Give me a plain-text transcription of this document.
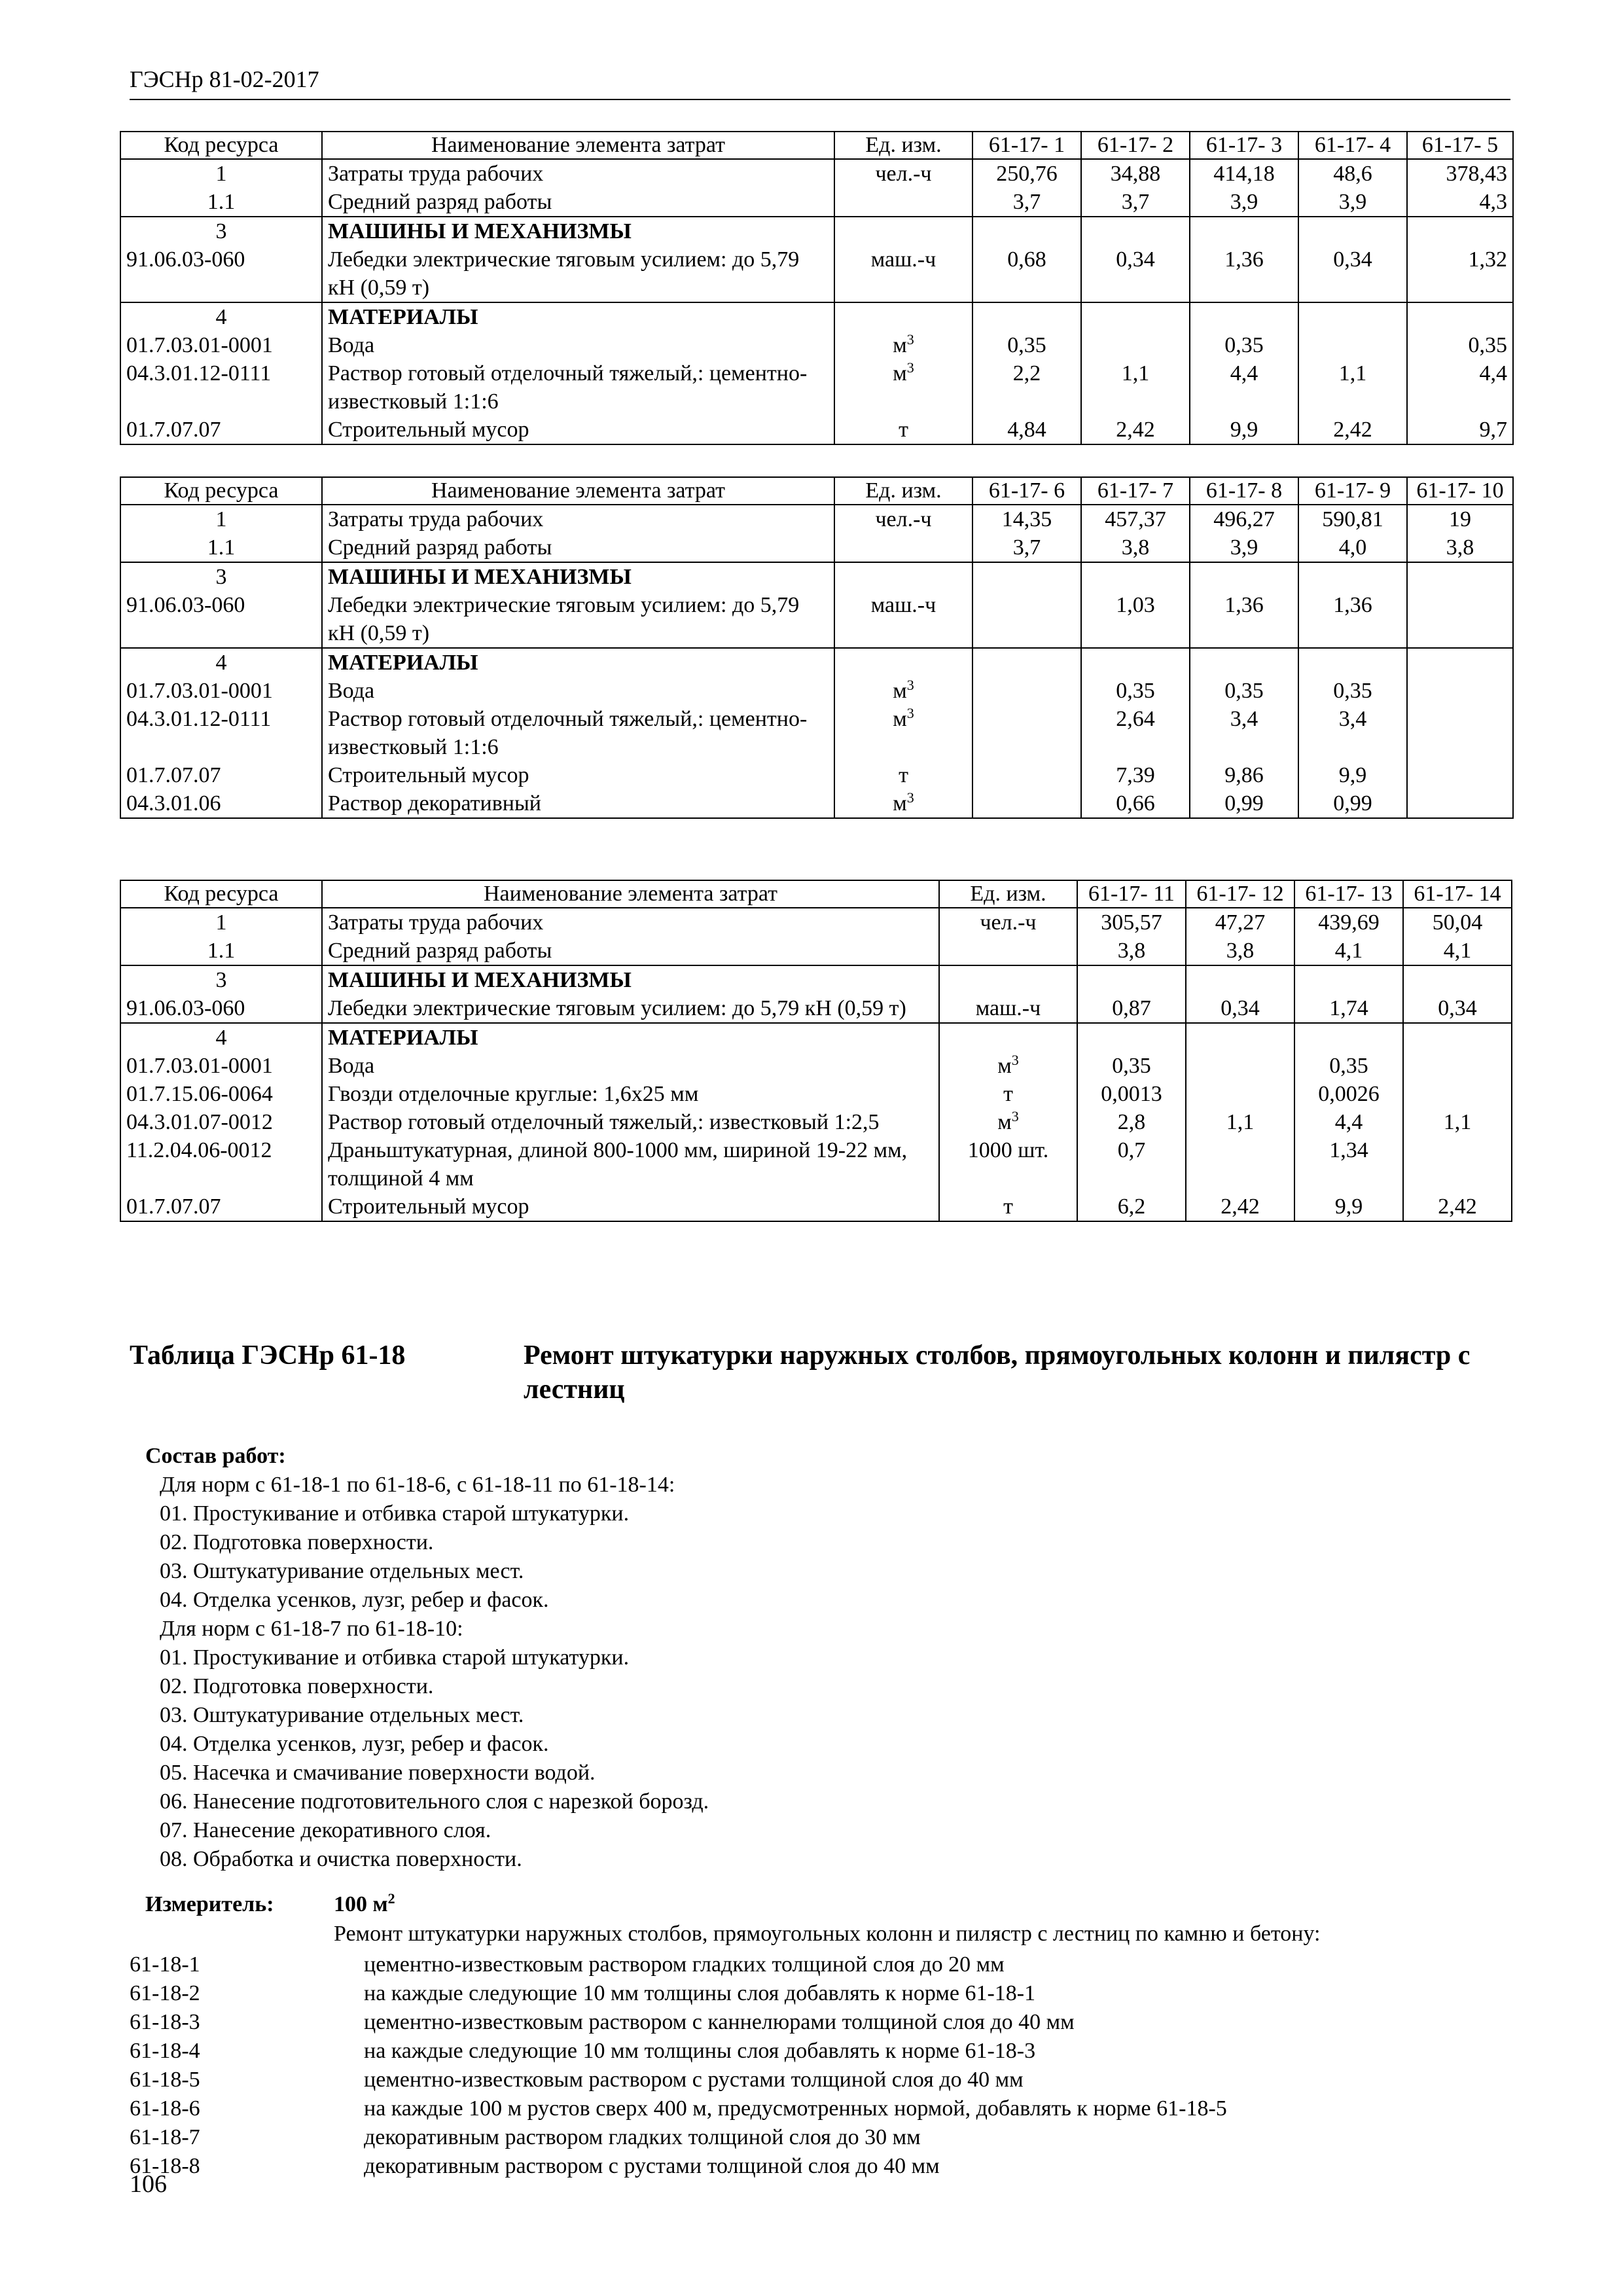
ГЭСНр 81-02-2017
Код ресурса	Наименование элемента затрат	Ед. изм.	61-17- 1	61-17- 2	61-17- 3	61-17- 4	61-17- 5
1	Затраты труда рабочих	чел.-ч	250,76	34,88	414,18	48,6	378,43
1.1	Средний разряд работы		3,7	3,7	3,9	3,9	4,3
3	МАШИНЫ И МЕХАНИЗМЫ						
91.06.03-060	Лебедки электрические тяговым усилием: до 5,79 кН (0,59 т)	маш.-ч	0,68	0,34	1,36	0,34	1,32
4	МАТЕРИАЛЫ						
01.7.03.01-0001	Вода	$м^3$	0,35		0,35		0,35
04.3.01.12-0111	Раствор готовый отделочный тяжелый,: цементно-известковый 1:1:6	$м^3$	2,2	1,1	4,4	1,1	4,4
01.7.07.07	Строительный мусор	т	4,84	2,42	9,9	2,42	9,7
Код ресурса	Наименование элемента затрат	Ед. изм.	61-17- 6	61-17- 7	61-17- 8	61-17- 9	61-17- 10
1	Затраты труда рабочих	чел.-ч	14,35	457,37	496,27	590,81	19
1.1	Средний разряд работы		3,7	3,8	3,9	4,0	3,8
3	МАШИНЫ И МЕХАНИЗМЫ						
91.06.03-060	Лебедки электрические тяговым усилием: до 5,79 кН (0,59 т)	маш.-ч		1,03	1,36	1,36	
4	МАТЕРИАЛЫ						
01.7.03.01-0001	Вода	$м^3$		0,35	0,35	0,35	
04.3.01.12-0111	Раствор готовый отделочный тяжелый,: цементно-известковый 1:1:6	$м^3$		2,64	3,4	3,4	
01.7.07.07	Строительный мусор	т		7,39	9,86	9,9	
04.3.01.06	Раствор декоративный	$м^3$		0,66	0,99	0,99	
Код ресурса	Наименование элемента затрат	Ед. изм.	61-17- 11	61-17- 12	61-17- 13	61-17- 14
1	Затраты труда рабочих	чел.-ч	305,57	47,27	439,69	50,04
1.1	Средний разряд работы		3,8	3,8	4,1	4,1
3	МАШИНЫ И МЕХАНИЗМЫ					
91.06.03-060	Лебедки электрические тяговым усилием: до 5,79 кН (0,59 т)	маш.-ч	0,87	0,34	1,74	0,34
4	МАТЕРИАЛЫ					
01.7.03.01-0001	Вода	$м^3$	0,35		0,35	
01.7.15.06-0064	Гвозди отделочные круглые: 1,6х25 мм	т	0,0013		0,0026	
04.3.01.07-0012	Раствор готовый отделочный тяжелый,: известковый 1:2,5	$м^3$	2,8	1,1	4,4	1,1
11.2.04.06-0012	Драньштукатурная, длиной 800-1000 мм, шириной 19-22 мм, толщиной 4 мм	1000 шт.	0,7		1,34	
01.7.07.07	Строительный мусор	т	6,2	2,42	9,9	2,42
Таблица ГЭСНр 61-18	Ремонт штукатурки наружных столбов, прямоугольных колонн и пилястр с лестниц
Состав работ:
Для норм с 61-18-1 по 61-18-6, с 61-18-11 по 61-18-14:
01. Простукивание и отбивка старой штукатурки.
02. Подготовка поверхности.
03. Оштукатуривание отдельных мест.
04. Отделка усенков, лузг, ребер и фасок.
Для норм с 61-18-7 по 61-18-10:
01. Простукивание и отбивка старой штукатурки.
02. Подготовка поверхности.
03. Оштукатуривание отдельных мест.
04. Отделка усенков, лузг, ребер и фасок.
05. Насечка и смачивание поверхности водой.
06. Нанесение подготовительного слоя с нарезкой борозд.
07. Нанесение декоративного слоя.
08. Обработка и очистка поверхности.
Измеритель:	100 $м^2$
Ремонт штукатурки наружных столбов, прямоугольных колонн и пилястр с лестниц по камню и бетону:
61-18-1	цементно-известковым раствором гладких толщиной слоя до 20 мм
61-18-2	на каждые следующие 10 мм толщины слоя добавлять к норме 61-18-1
61-18-3	цементно-известковым раствором с каннелюрами толщиной слоя до 40 мм
61-18-4	на каждые следующие 10 мм толщины слоя добавлять к норме 61-18-3
61-18-5	цементно-известковым раствором с рустами толщиной слоя до 40 мм
61-18-6	на каждые 100 м рустов сверх 400 м, предусмотренных нормой, добавлять к норме 61-18-5
61-18-7	декоративным раствором гладких толщиной слоя до 30 мм
61-18-8	декоративным раствором с рустами толщиной слоя до 40 мм
106
